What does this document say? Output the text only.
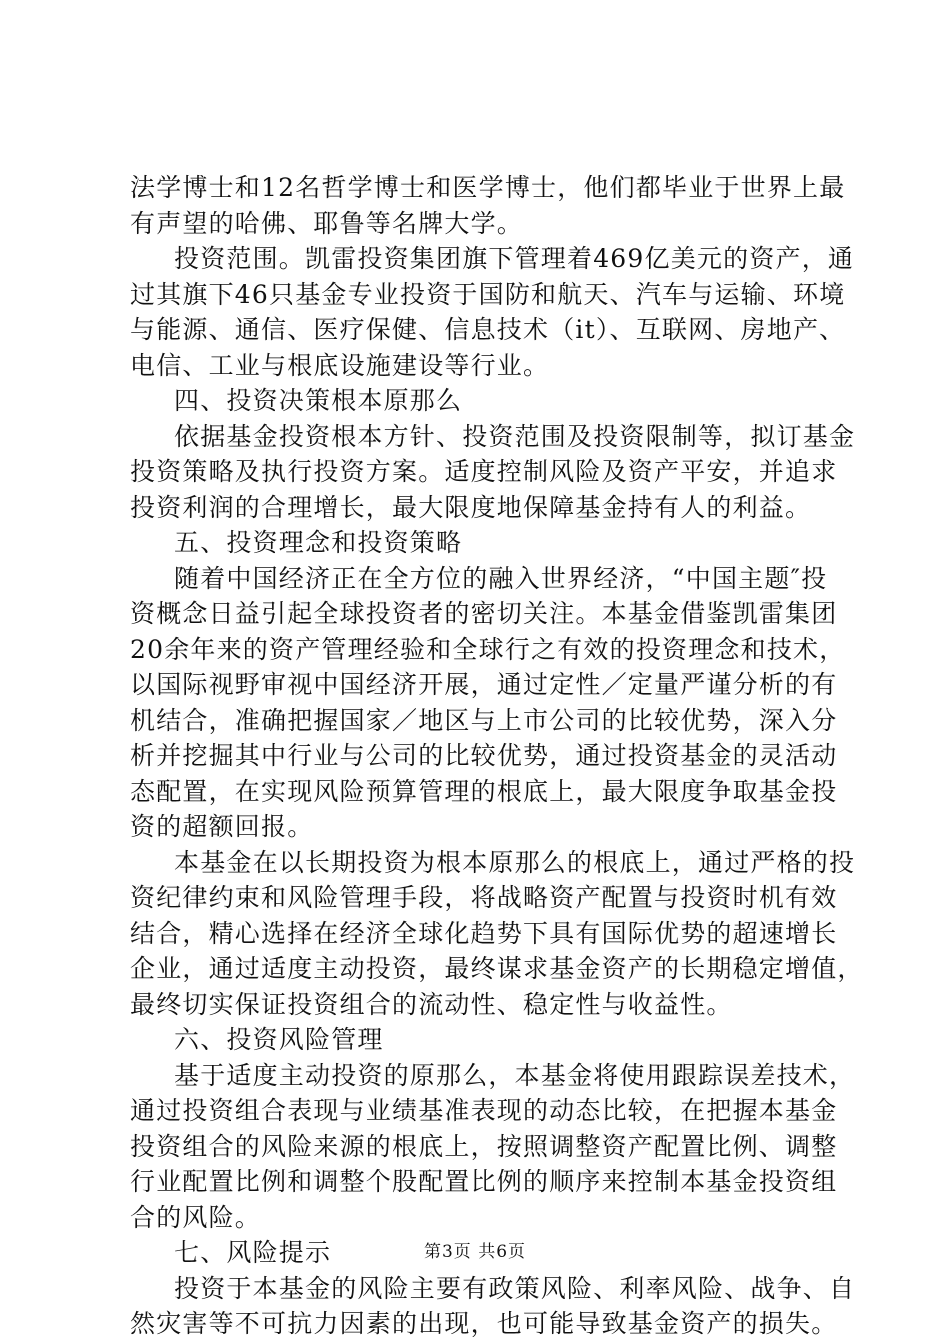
法学博士和12名哲学博士和医学博士，他们都毕业于世界上最
有声望的哈佛、耶鲁等名牌大学。
投资范围。凯雷投资集团旗下管理着469亿美元的资产，通
过其旗下46只基金专业投资于国防和航天、汽车与运输、环境
与能源、通信、医疗保健、信息技术（it）、互联网、房地产、
电信、工业与根底设施建设等行业。
四、投资决策根本原那么
依据基金投资根本方针、投资范围及投资限制等，拟订基金
投资策略及执行投资方案。适度控制风险及资产平安，并追求
投资利润的合理增长，最大限度地保障基金持有人的利益。
五、投资理念和投资策略
随着中国经济正在全方位的融入世界经济，“中国主题″投
资概念日益引起全球投资者的密切关注。本基金借鉴凯雷集团
20余年来的资产管理经验和全球行之有效的投资理念和技术，
以国际视野审视中国经济开展，通过定性／定量严谨分析的有
机结合，准确把握国家／地区与上市公司的比较优势，深入分
析并挖掘其中行业与公司的比较优势，通过投资基金的灵活动
态配置，在实现风险预算管理的根底上，最大限度争取基金投
资的超额回报。
本基金在以长期投资为根本原那么的根底上，通过严格的投
资纪律约束和风险管理手段，将战略资产配置与投资时机有效
结合，精心选择在经济全球化趋势下具有国际优势的超速增长
企业，通过适度主动投资，最终谋求基金资产的长期稳定增值，
最终切实保证投资组合的流动性、稳定性与收益性。
六、投资风险管理
基于适度主动投资的原那么，本基金将使用跟踪误差技术，
通过投资组合表现与业绩基准表现的动态比较，在把握本基金
投资组合的风险来源的根底上，按照调整资产配置比例、调整
行业配置比例和调整个股配置比例的顺序来控制本基金投资组
合的风险。
七、风险提示
投资于本基金的风险主要有政策风险、利率风险、战争、自
然灾害等不可抗力因素的出现，也可能导致基金资产的损失。
第3页 共6页
